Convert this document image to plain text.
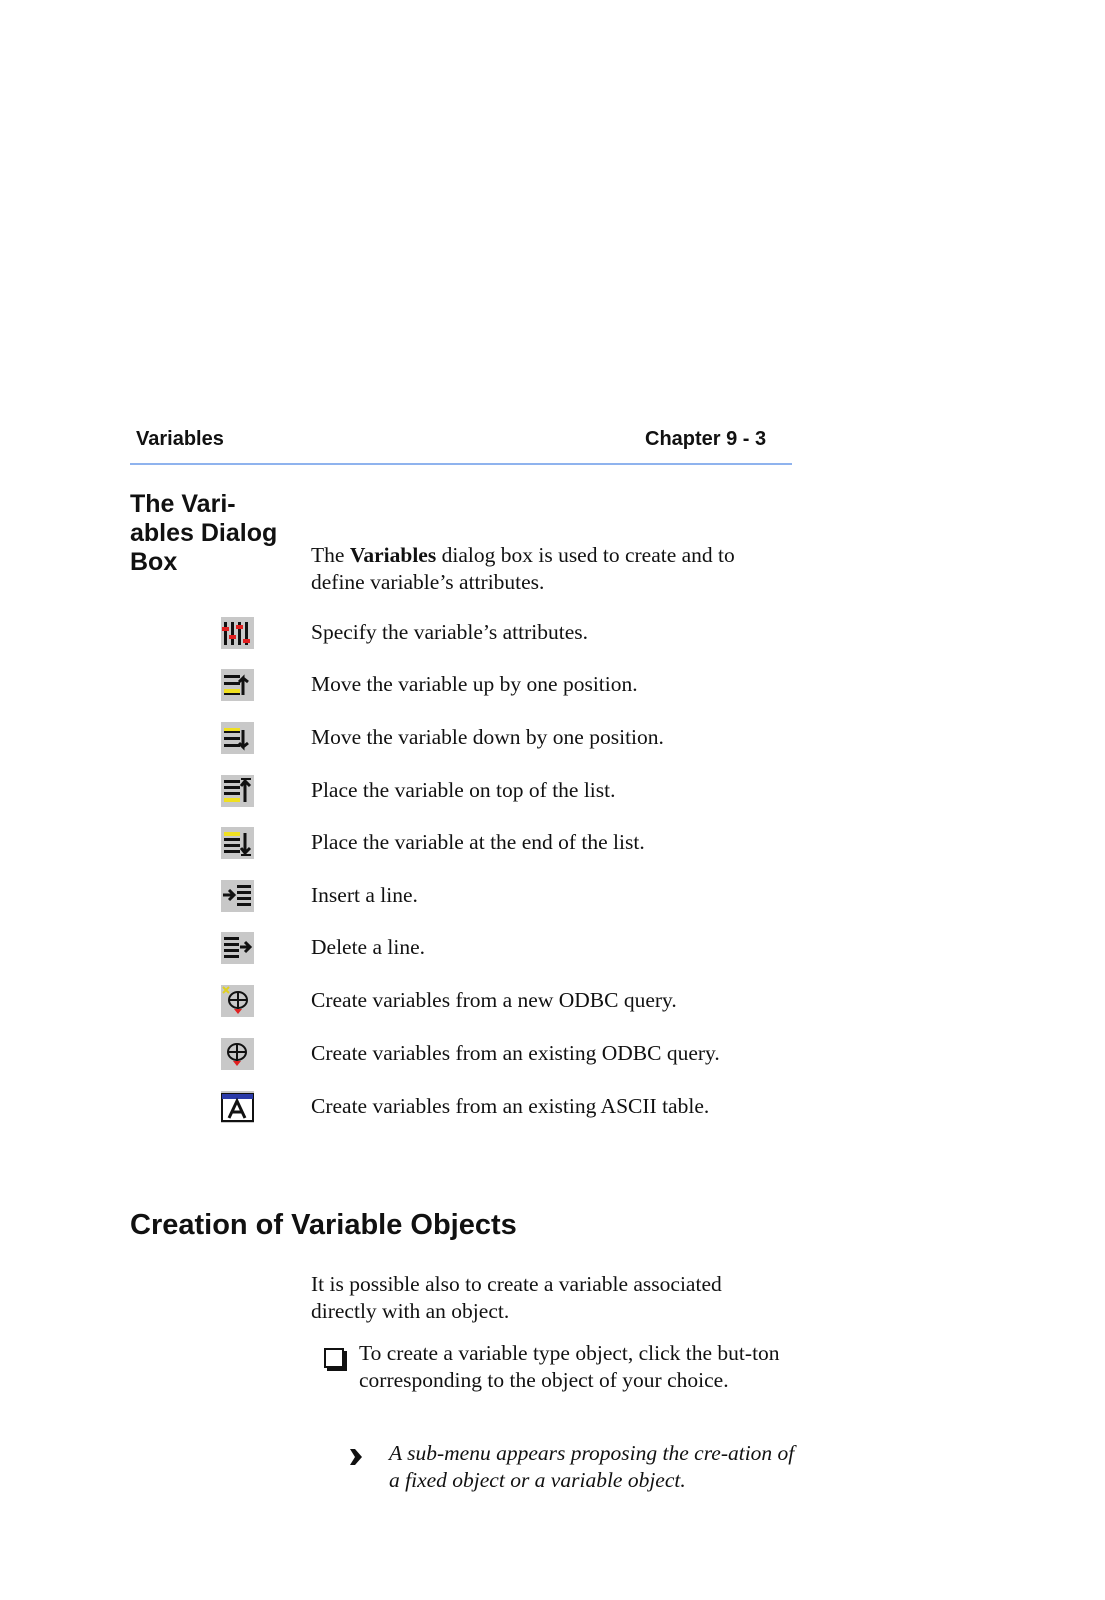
Variables	Chapter 9 - 3
The Vari-
ables Dialog
Box	The Variables dialog box is used to create and to define variable’s attributes.
Specify the variable’s attributes.
Move the variable up by one position.
Move the variable down by one position.
Place the variable on top of the list.
Place the variable at the end of the list.
Insert a line.
Delete a line.
Create variables from a new ODBC query.
Create variables from an existing ODBC query.
Create variables from an existing ASCII table.
Creation of Variable Objects
It is possible also to create a variable associated directly with an object.
To create a variable type object, click the but-ton corresponding to the object of your choice.
A sub-menu appears proposing the cre-ation of a fixed object or a variable object.
